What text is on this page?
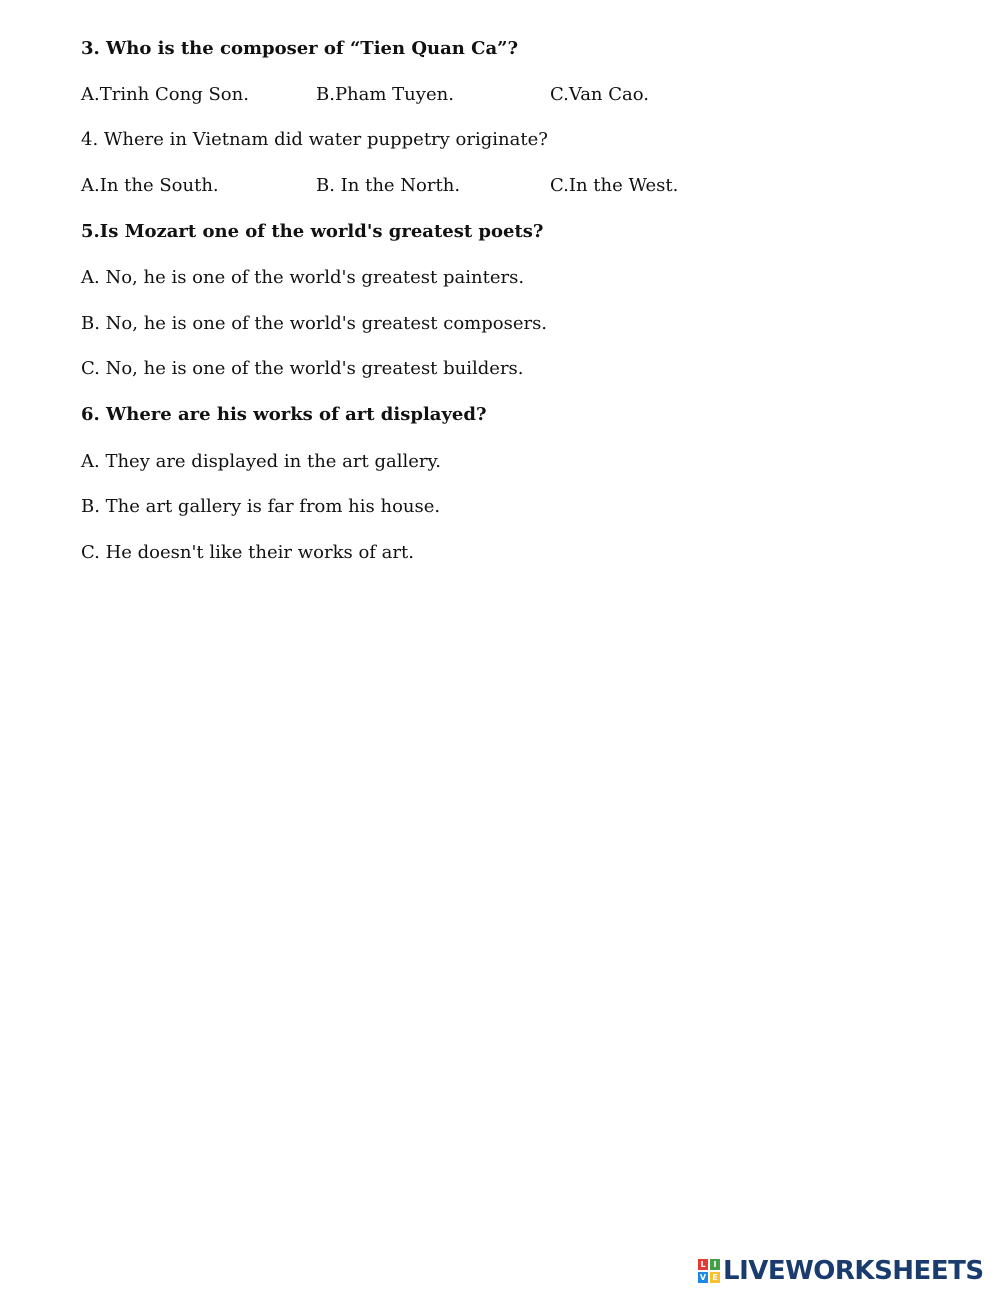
3. Who is the composer of “Tien Quan Ca”?
A.Trinh Cong Son.	B.Pham Tuyen.	C.Van Cao.
4. Where in Vietnam did water puppetry originate?
A.In the South.	B. In the North.	C.In the West.
5.Is Mozart one of the world's greatest poets?
A. No, he is one of the world's greatest painters.
B. No, he is one of the world's greatest composers.
C. No, he is one of the world's greatest builders.
6. Where are his works of art displayed?
A. They are displayed in the art gallery.
B. The art gallery is far from his house.
C. He doesn't like their works of art.
L I
V E LIVEWORKSHEETS
